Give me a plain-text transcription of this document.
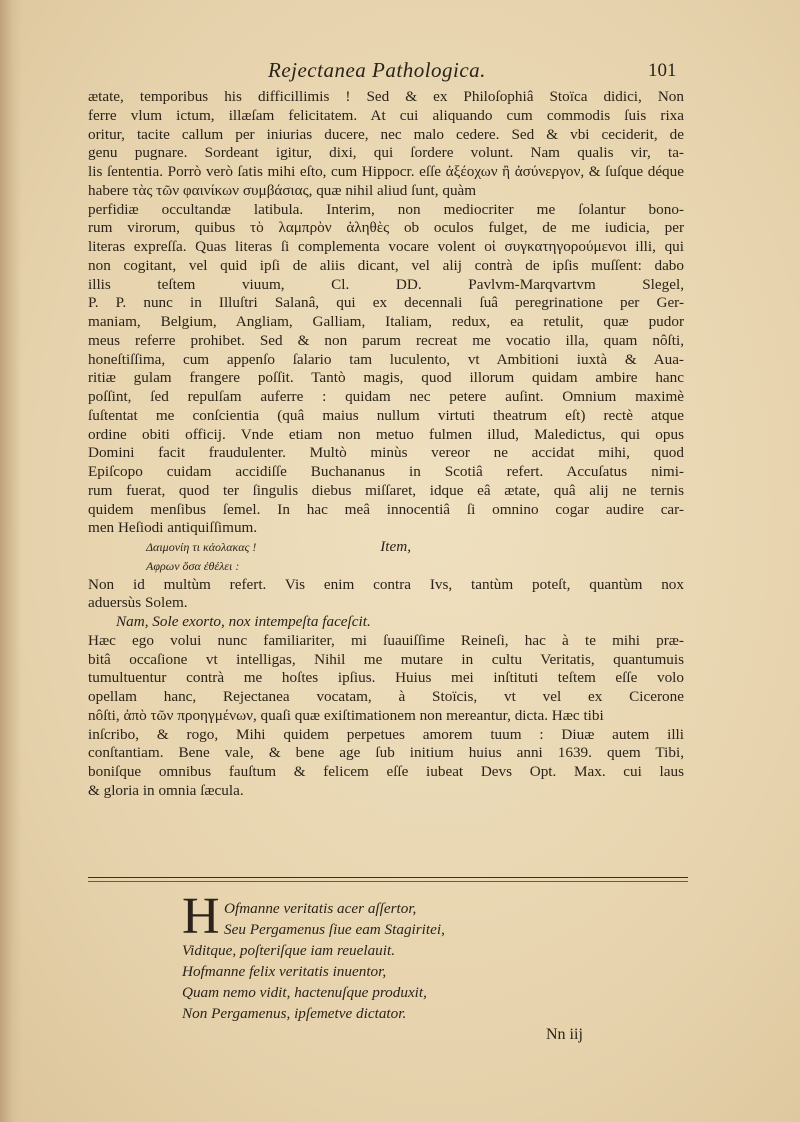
Rejectanea Pathologica.	101
ætate, temporibus his difficillimis ! Sed & ex Philoſophiâ Stoïca didici, Non
ferre vlum ictum, illæſam felicitatem. At cui aliquando cum commodis ſuis rixa
oritur, tacite callum per iniurias ducere, nec malo cedere. Sed & vbi ceciderit, de
genu pugnare. Sordeant igitur, dixi, qui ſordere volunt. Nam qualis vir, ta-
lis ſententia. Porrò verò ſatis mihi eſto, cum Hippocr. eſſe ἀξέοχων ἢ ἀσύνεργον, & ſuſque déque habere τὰς τῶν φαινίκων συμβάσιας, quæ nihil aliud ſunt, quàm
perfidiæ occultandæ latibula. Interim, non mediocriter me ſolantur bono-
rum virorum, quibus τὸ λαμπρὸν ἀληθὲς ob oculos fulget, de me iudicia, per
literas expreſſa. Quas literas ſi complementa vocare volent οἱ συγκατηγορούμενοι illi, qui
non cogitant, vel quid ipſi de aliis dicant, vel alij contrà de ipſis muſſent: dabo
illis teſtem viuum, Cl. DD. Pavlvm-Marqvartvm Slegel,
P. P. nunc in Illuſtri Salanâ, qui ex decennali ſuâ peregrinatione per Ger-
maniam, Belgium, Angliam, Galliam, Italiam, redux, ea retulit, quæ pudor
meus referre prohibet. Sed & non parum recreat me vocatio illa, quam nôſti,
honeſtiſſima, cum appenſo ſalario tam luculento, vt Ambitioni iuxtà & Aua-
ritiæ gulam frangere poſſit. Tantò magis, quod illorum quidam ambire hanc
poſſint, ſed repulſam auferre : quidam nec petere auſint. Omnium maximè
ſuſtentat me conſcientia (quâ maius nullum virtuti theatrum eſt) rectè atque
ordine obiti officij. Vnde etiam non metuo fulmen illud, Maledictus, qui opus
Domini facit fraudulenter. Multò minùs vereor ne accidat mihi, quod
Epiſcopo cuidam accidiſſe Buchananus in Scotiâ refert. Accuſatus nimi-
rum fuerat, quod ter ſingulis diebus miſſaret, idque eâ ætate, quâ alij ne ternis
quidem menſibus ſemel. In hac meâ innocentiâ ſi omnino cogar audire car-
men Heſiodi antiquiſſimum.
Δαιμονίη τι κάολακας !	Item,
Αφρων ὅσα ἐθέλει :
Non id multùm refert. Vis enim contra Ivs, tantùm poteſt, quantùm nox
aduersùs Solem.
Nam, Sole exorto, nox intempeſta faceſcit.
Hæc ego volui nunc familiariter, mi ſuauiſſime Reineſi, hac à te mihi præ-
bitâ occaſione vt intelligas, Nihil me mutare in cultu Veritatis, quantumuis
tumultuentur contrà me hoſtes ipſius. Huius mei inſtituti teſtem eſſe volo
opellam hanc, Rejectanea vocatam, à Stoïcis, vt vel ex Cicerone
nôſti, ἀπὸ τῶν προηγμένων, quaſi quæ exiſtimationem non mereantur, dicta. Hæc tibi
inſcribo, & rogo, Mihi quidem perpetues amorem tuum : Diuæ autem illi
conſtantiam. Bene vale, & bene age ſub initium huius anni 1639. quem Tibi,
boniſque omnibus fauſtum & felicem eſſe iubeat Devs Opt. Max. cui laus
& gloria in omnia ſæcula.
H Ofmanne veritatis acer aſſertor,
Seu Pergamenus ſiue eam Stagiritei,
Viditque, poſteriſque iam reuelauit.
Hofmanne felix veritatis inuentor,
Quam nemo vidit, hactenuſque produxit,
Non Pergamenus, ipſemetve dictator.
Nn iij
